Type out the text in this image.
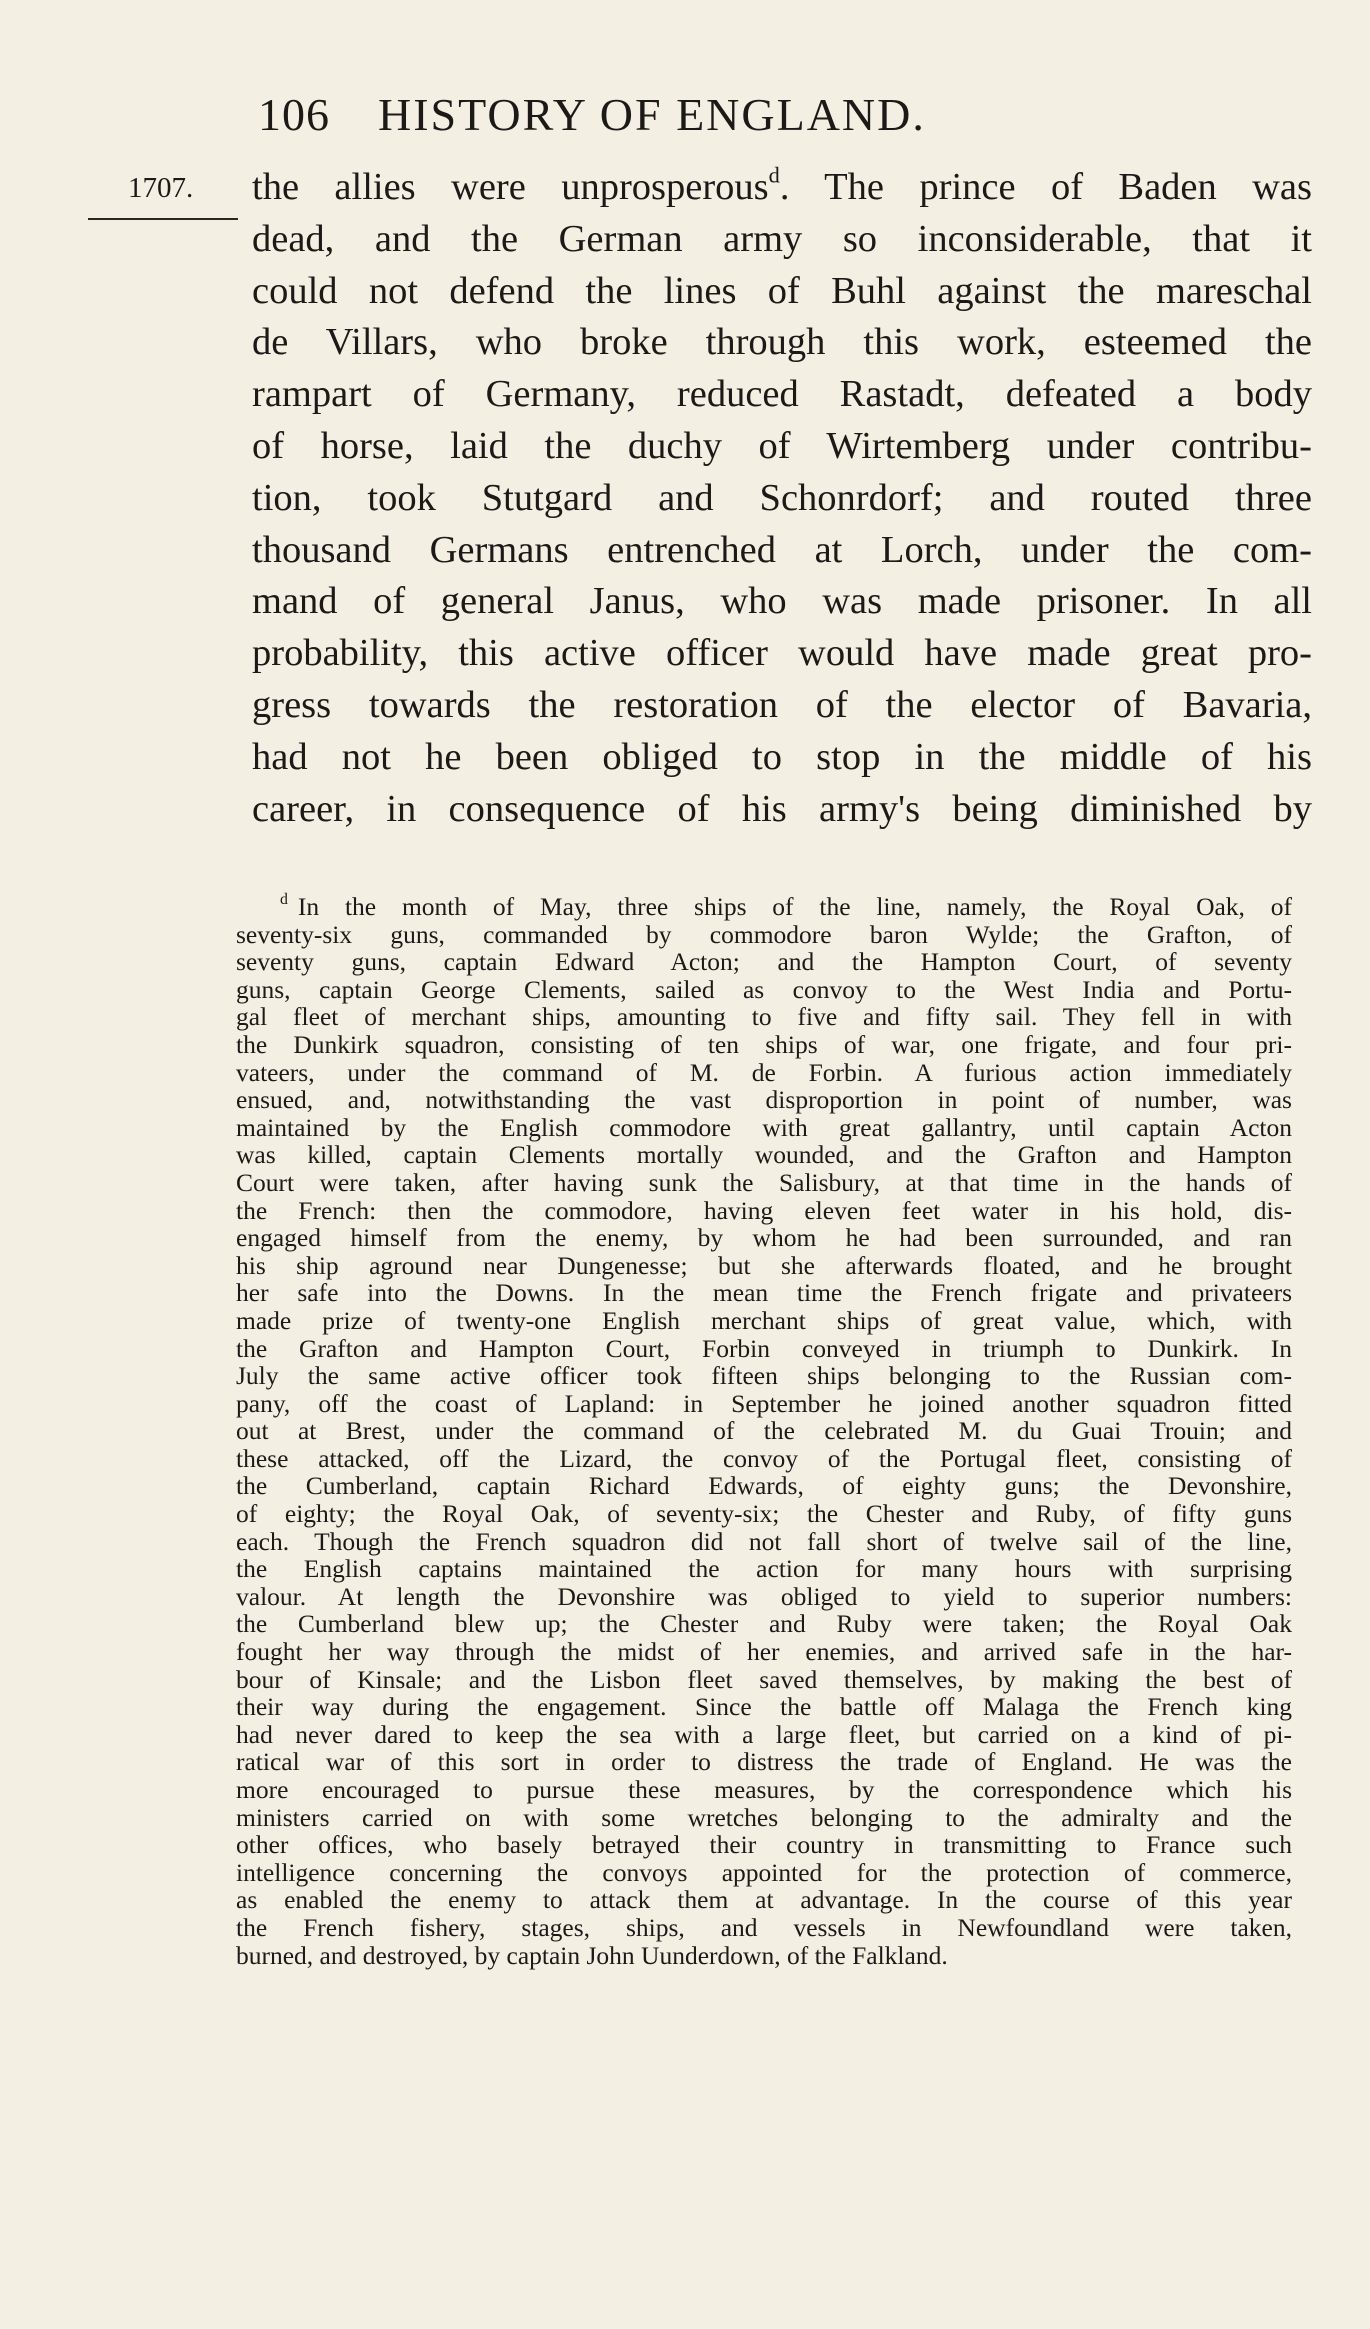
106 HISTORY OF ENGLAND.
1707. the allies were unprosperous$^d$. The prince of Baden was
dead, and the German army so inconsiderable, that it
could not defend the lines of Buhl against the mareschal
de Villars, who broke through this work, esteemed the
rampart of Germany, reduced Rastadt, defeated a body
of horse, laid the duchy of Wirtemberg under contribu-
tion, took Stutgard and Schonrdorf; and routed three
thousand Germans entrenched at Lorch, under the com-
mand of general Janus, who was made prisoner. In all
probability, this active officer would have made great pro-
gress towards the restoration of the elector of Bavaria,
had not he been obliged to stop in the middle of his
career, in consequence of his army's being diminished by
$^d$ In the month of May, three ships of the line, namely, the Royal Oak, of
seventy-six guns, commanded by commodore baron Wylde; the Grafton, of
seventy guns, captain Edward Acton; and the Hampton Court, of seventy
guns, captain George Clements, sailed as convoy to the West India and Portu-
gal fleet of merchant ships, amounting to five and fifty sail. They fell in with
the Dunkirk squadron, consisting of ten ships of war, one frigate, and four pri-
vateers, under the command of M. de Forbin. A furious action immediately
ensued, and, notwithstanding the vast disproportion in point of number, was
maintained by the English commodore with great gallantry, until captain Acton
was killed, captain Clements mortally wounded, and the Grafton and Hampton
Court were taken, after having sunk the Salisbury, at that time in the hands of
the French: then the commodore, having eleven feet water in his hold, dis-
engaged himself from the enemy, by whom he had been surrounded, and ran
his ship aground near Dungenesse; but she afterwards floated, and he brought
her safe into the Downs. In the mean time the French frigate and privateers
made prize of twenty-one English merchant ships of great value, which, with
the Grafton and Hampton Court, Forbin conveyed in triumph to Dunkirk. In
July the same active officer took fifteen ships belonging to the Russian com-
pany, off the coast of Lapland: in September he joined another squadron fitted
out at Brest, under the command of the celebrated M. du Guai Trouin; and
these attacked, off the Lizard, the convoy of the Portugal fleet, consisting of
the Cumberland, captain Richard Edwards, of eighty guns; the Devonshire,
of eighty; the Royal Oak, of seventy-six; the Chester and Ruby, of fifty guns
each. Though the French squadron did not fall short of twelve sail of the line,
the English captains maintained the action for many hours with surprising
valour. At length the Devonshire was obliged to yield to superior numbers:
the Cumberland blew up; the Chester and Ruby were taken; the Royal Oak
fought her way through the midst of her enemies, and arrived safe in the har-
bour of Kinsale; and the Lisbon fleet saved themselves, by making the best of
their way during the engagement. Since the battle off Malaga the French king
had never dared to keep the sea with a large fleet, but carried on a kind of pi-
ratical war of this sort in order to distress the trade of England. He was the
more encouraged to pursue these measures, by the correspondence which his
ministers carried on with some wretches belonging to the admiralty and the
other offices, who basely betrayed their country in transmitting to France such
intelligence concerning the convoys appointed for the protection of commerce,
as enabled the enemy to attack them at advantage. In the course of this year
the French fishery, stages, ships, and vessels in Newfoundland were taken,
burned, and destroyed, by captain John Uunderdown, of the Falkland.
